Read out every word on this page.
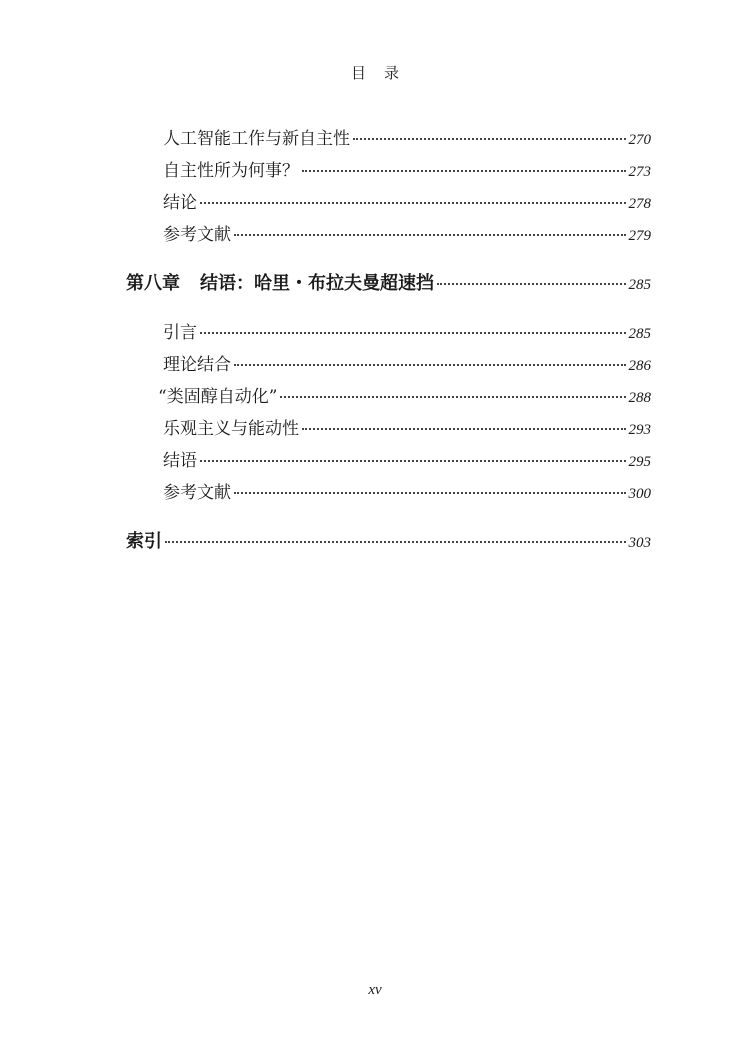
目 录
人工智能工作与新自主性	270
自主性所为何事？	273
结论	278
参考文献	279
第八章 结语：哈里・布拉夫曼超速挡	285
引言	285
理论结合	286
“类固醇自动化”	288
乐观主义与能动性	293
结语	295
参考文献	300
索引	303
xv
